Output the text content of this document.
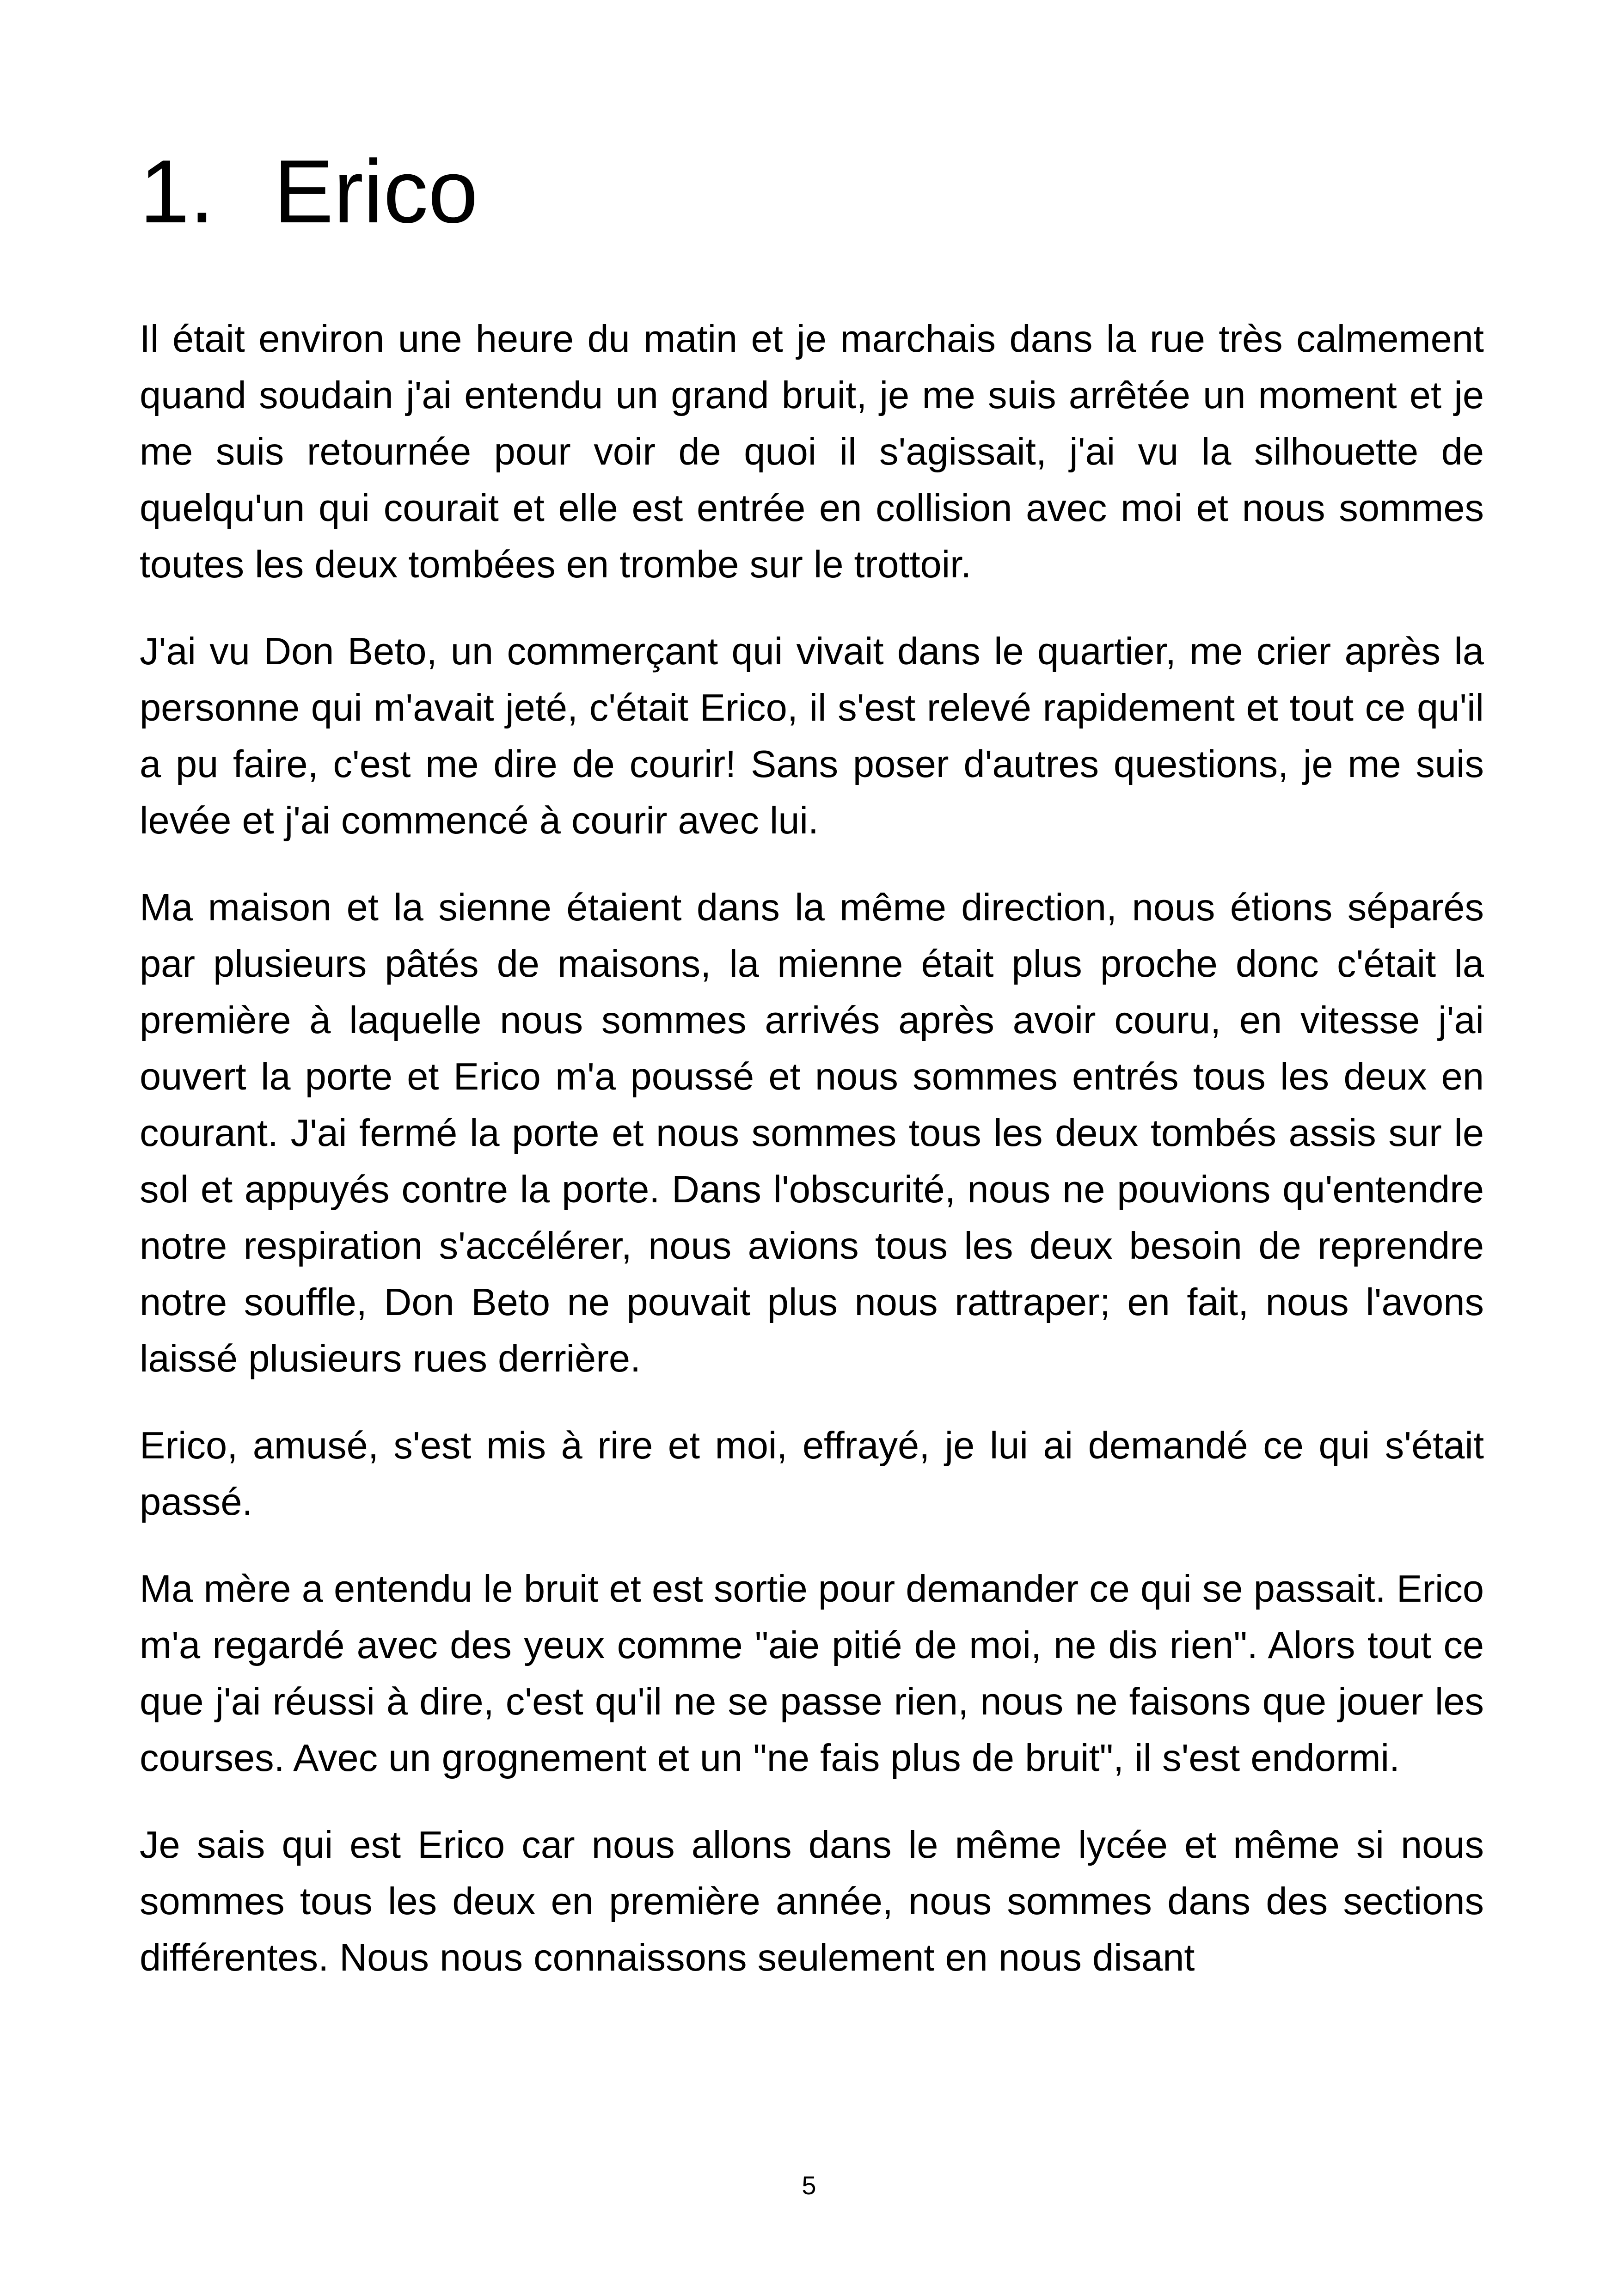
1. Erico

Il était environ une heure du matin et je marchais dans la rue très calmement quand soudain j'ai entendu un grand bruit, je me suis arrêtée un moment et je me suis retournée pour voir de quoi il s'agissait, j'ai vu la silhouette de quelqu'un qui courait et elle est entrée en collision avec moi et nous sommes toutes les deux tombées en trombe sur le trottoir.

J'ai vu Don Beto, un commerçant qui vivait dans le quartier, me crier après la personne qui m'avait jeté, c'était Erico, il s'est relevé rapidement et tout ce qu'il a pu faire, c'est me dire de courir! Sans poser d'autres questions, je me suis levée et j'ai commencé à courir avec lui.

Ma maison et la sienne étaient dans la même direction, nous étions séparés par plusieurs pâtés de maisons, la mienne était plus proche donc c'était la première à laquelle nous sommes arrivés après avoir couru, en vitesse j'ai ouvert la porte et Erico m'a poussé et nous sommes entrés tous les deux en courant. J'ai fermé la porte et nous sommes tous les deux tombés assis sur le sol et appuyés contre la porte. Dans l'obscurité, nous ne pouvions qu'entendre notre respiration s'accélérer, nous avions tous les deux besoin de reprendre notre souffle, Don Beto ne pouvait plus nous rattraper; en fait, nous l'avons laissé plusieurs rues derrière.

Erico, amusé, s'est mis à rire et moi, effrayé, je lui ai demandé ce qui s'était passé.

Ma mère a entendu le bruit et est sortie pour demander ce qui se passait. Erico m'a regardé avec des yeux comme "aie pitié de moi, ne dis rien". Alors tout ce que j'ai réussi à dire, c'est qu'il ne se passe rien, nous ne faisons que jouer les courses. Avec un grognement et un "ne fais plus de bruit", il s'est endormi.

Je sais qui est Erico car nous allons dans le même lycée et même si nous sommes tous les deux en première année, nous sommes dans des sections différentes. Nous nous connaissons seulement en nous disant

5
